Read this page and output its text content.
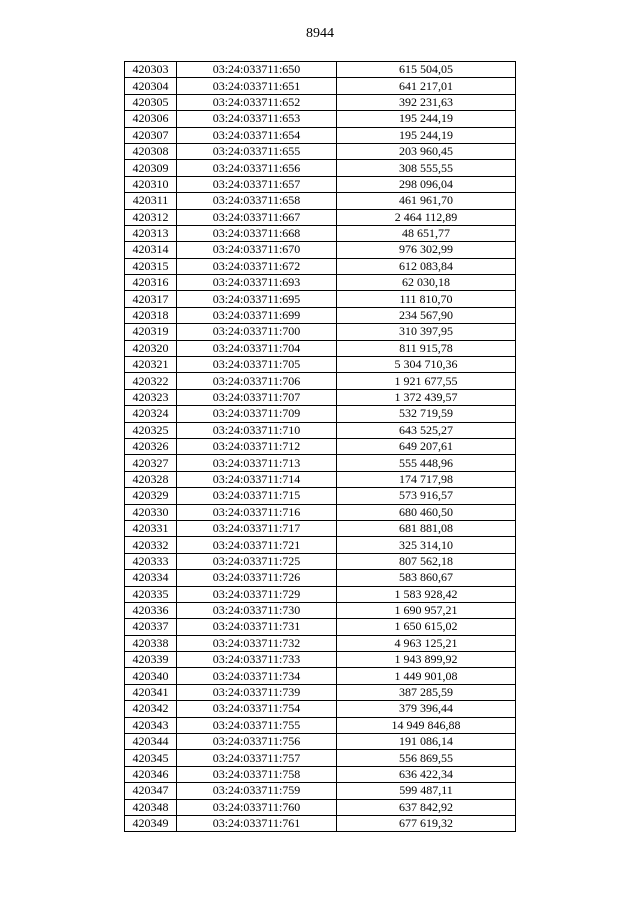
8944
420303	03:24:033711:650	615 504,05
420304	03:24:033711:651	641 217,01
420305	03:24:033711:652	392 231,63
420306	03:24:033711:653	195 244,19
420307	03:24:033711:654	195 244,19
420308	03:24:033711:655	203 960,45
420309	03:24:033711:656	308 555,55
420310	03:24:033711:657	298 096,04
420311	03:24:033711:658	461 961,70
420312	03:24:033711:667	2 464 112,89
420313	03:24:033711:668	48 651,77
420314	03:24:033711:670	976 302,99
420315	03:24:033711:672	612 083,84
420316	03:24:033711:693	62 030,18
420317	03:24:033711:695	111 810,70
420318	03:24:033711:699	234 567,90
420319	03:24:033711:700	310 397,95
420320	03:24:033711:704	811 915,78
420321	03:24:033711:705	5 304 710,36
420322	03:24:033711:706	1 921 677,55
420323	03:24:033711:707	1 372 439,57
420324	03:24:033711:709	532 719,59
420325	03:24:033711:710	643 525,27
420326	03:24:033711:712	649 207,61
420327	03:24:033711:713	555 448,96
420328	03:24:033711:714	174 717,98
420329	03:24:033711:715	573 916,57
420330	03:24:033711:716	680 460,50
420331	03:24:033711:717	681 881,08
420332	03:24:033711:721	325 314,10
420333	03:24:033711:725	807 562,18
420334	03:24:033711:726	583 860,67
420335	03:24:033711:729	1 583 928,42
420336	03:24:033711:730	1 690 957,21
420337	03:24:033711:731	1 650 615,02
420338	03:24:033711:732	4 963 125,21
420339	03:24:033711:733	1 943 899,92
420340	03:24:033711:734	1 449 901,08
420341	03:24:033711:739	387 285,59
420342	03:24:033711:754	379 396,44
420343	03:24:033711:755	14 949 846,88
420344	03:24:033711:756	191 086,14
420345	03:24:033711:757	556 869,55
420346	03:24:033711:758	636 422,34
420347	03:24:033711:759	599 487,11
420348	03:24:033711:760	637 842,92
420349	03:24:033711:761	677 619,32
